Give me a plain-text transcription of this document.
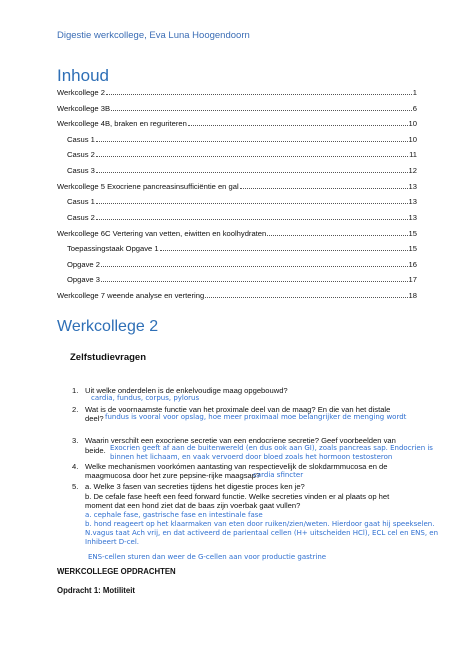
Digestie werkcollege, Eva Luna Hoogendoorn
Inhoud
Werkcollege 2	1
Werkcollege 3B	6
Werkcollege 4B, braken en reguriteren	10
Casus 1	10
Casus 2	11
Casus 3	12
Werkcollege 5 Exocriene pancreasinsufficiëntie en gal	13
Casus 1	13
Casus 2	13
Werkcollege 6C Vertering van vetten, eiwitten en koolhydraten	15
Toepassingstaak Opgave 1	15
Opgave 2	16
Opgave 3	17
Werkcollege 7 weende analyse en vertering	18
Werkcollege 2
Zelfstudievragen
1. Uit welke onderdelen is de enkelvoudige maag opgebouwd?
cardia, fundus, corpus, pylorus
2. Wat is de voornaamste functie van het proximale deel van de maag? En die van het distale
deel? fundus is vooral voor opslag, hoe meer proximaal moe belangrijker de menging wordt
3. Waarin verschilt een exocriene secretie van een endocriene secretie? Geef voorbeelden van
beide. Exocrien geeft af aan de buitenwereld (en dus ook aan GI), zoals pancreas sap. Endocrien is
binnen het lichaam, en vaak vervoerd door bloed zoals het hormoon testosteron
4. Welke mechanismen voorkómen aantasting van respectievelijk de slokdarmmucosa en de
maagmucosa door het zure pepsine-rijke maagsap?
cardia sfincter
5. a. Welke 3 fasen van secreties tijdens het digestie proces ken je?
b. De cefale fase heeft een feed forward functie. Welke secreties vinden er al plaats op het
moment dat een hond ziet dat de baas zijn voerbak gaat vullen?
a. cephale fase, gastrische fase en intestinale fase
b. hond reageert op het klaarmaken van eten door ruiken/zien/weten. Hierdoor gaat hij speekselen.
N.vagus taat Ach vrij, en dat activeerd de parientaal cellen (H+ uitscheiden HCl), ECL cel en ENS, en
Inhibeert D-cel.
ENS-cellen sturen dan weer de G-cellen aan voor productie gastrine
WERKCOLLEGE OPDRACHTEN
Opdracht 1: Motiliteit
